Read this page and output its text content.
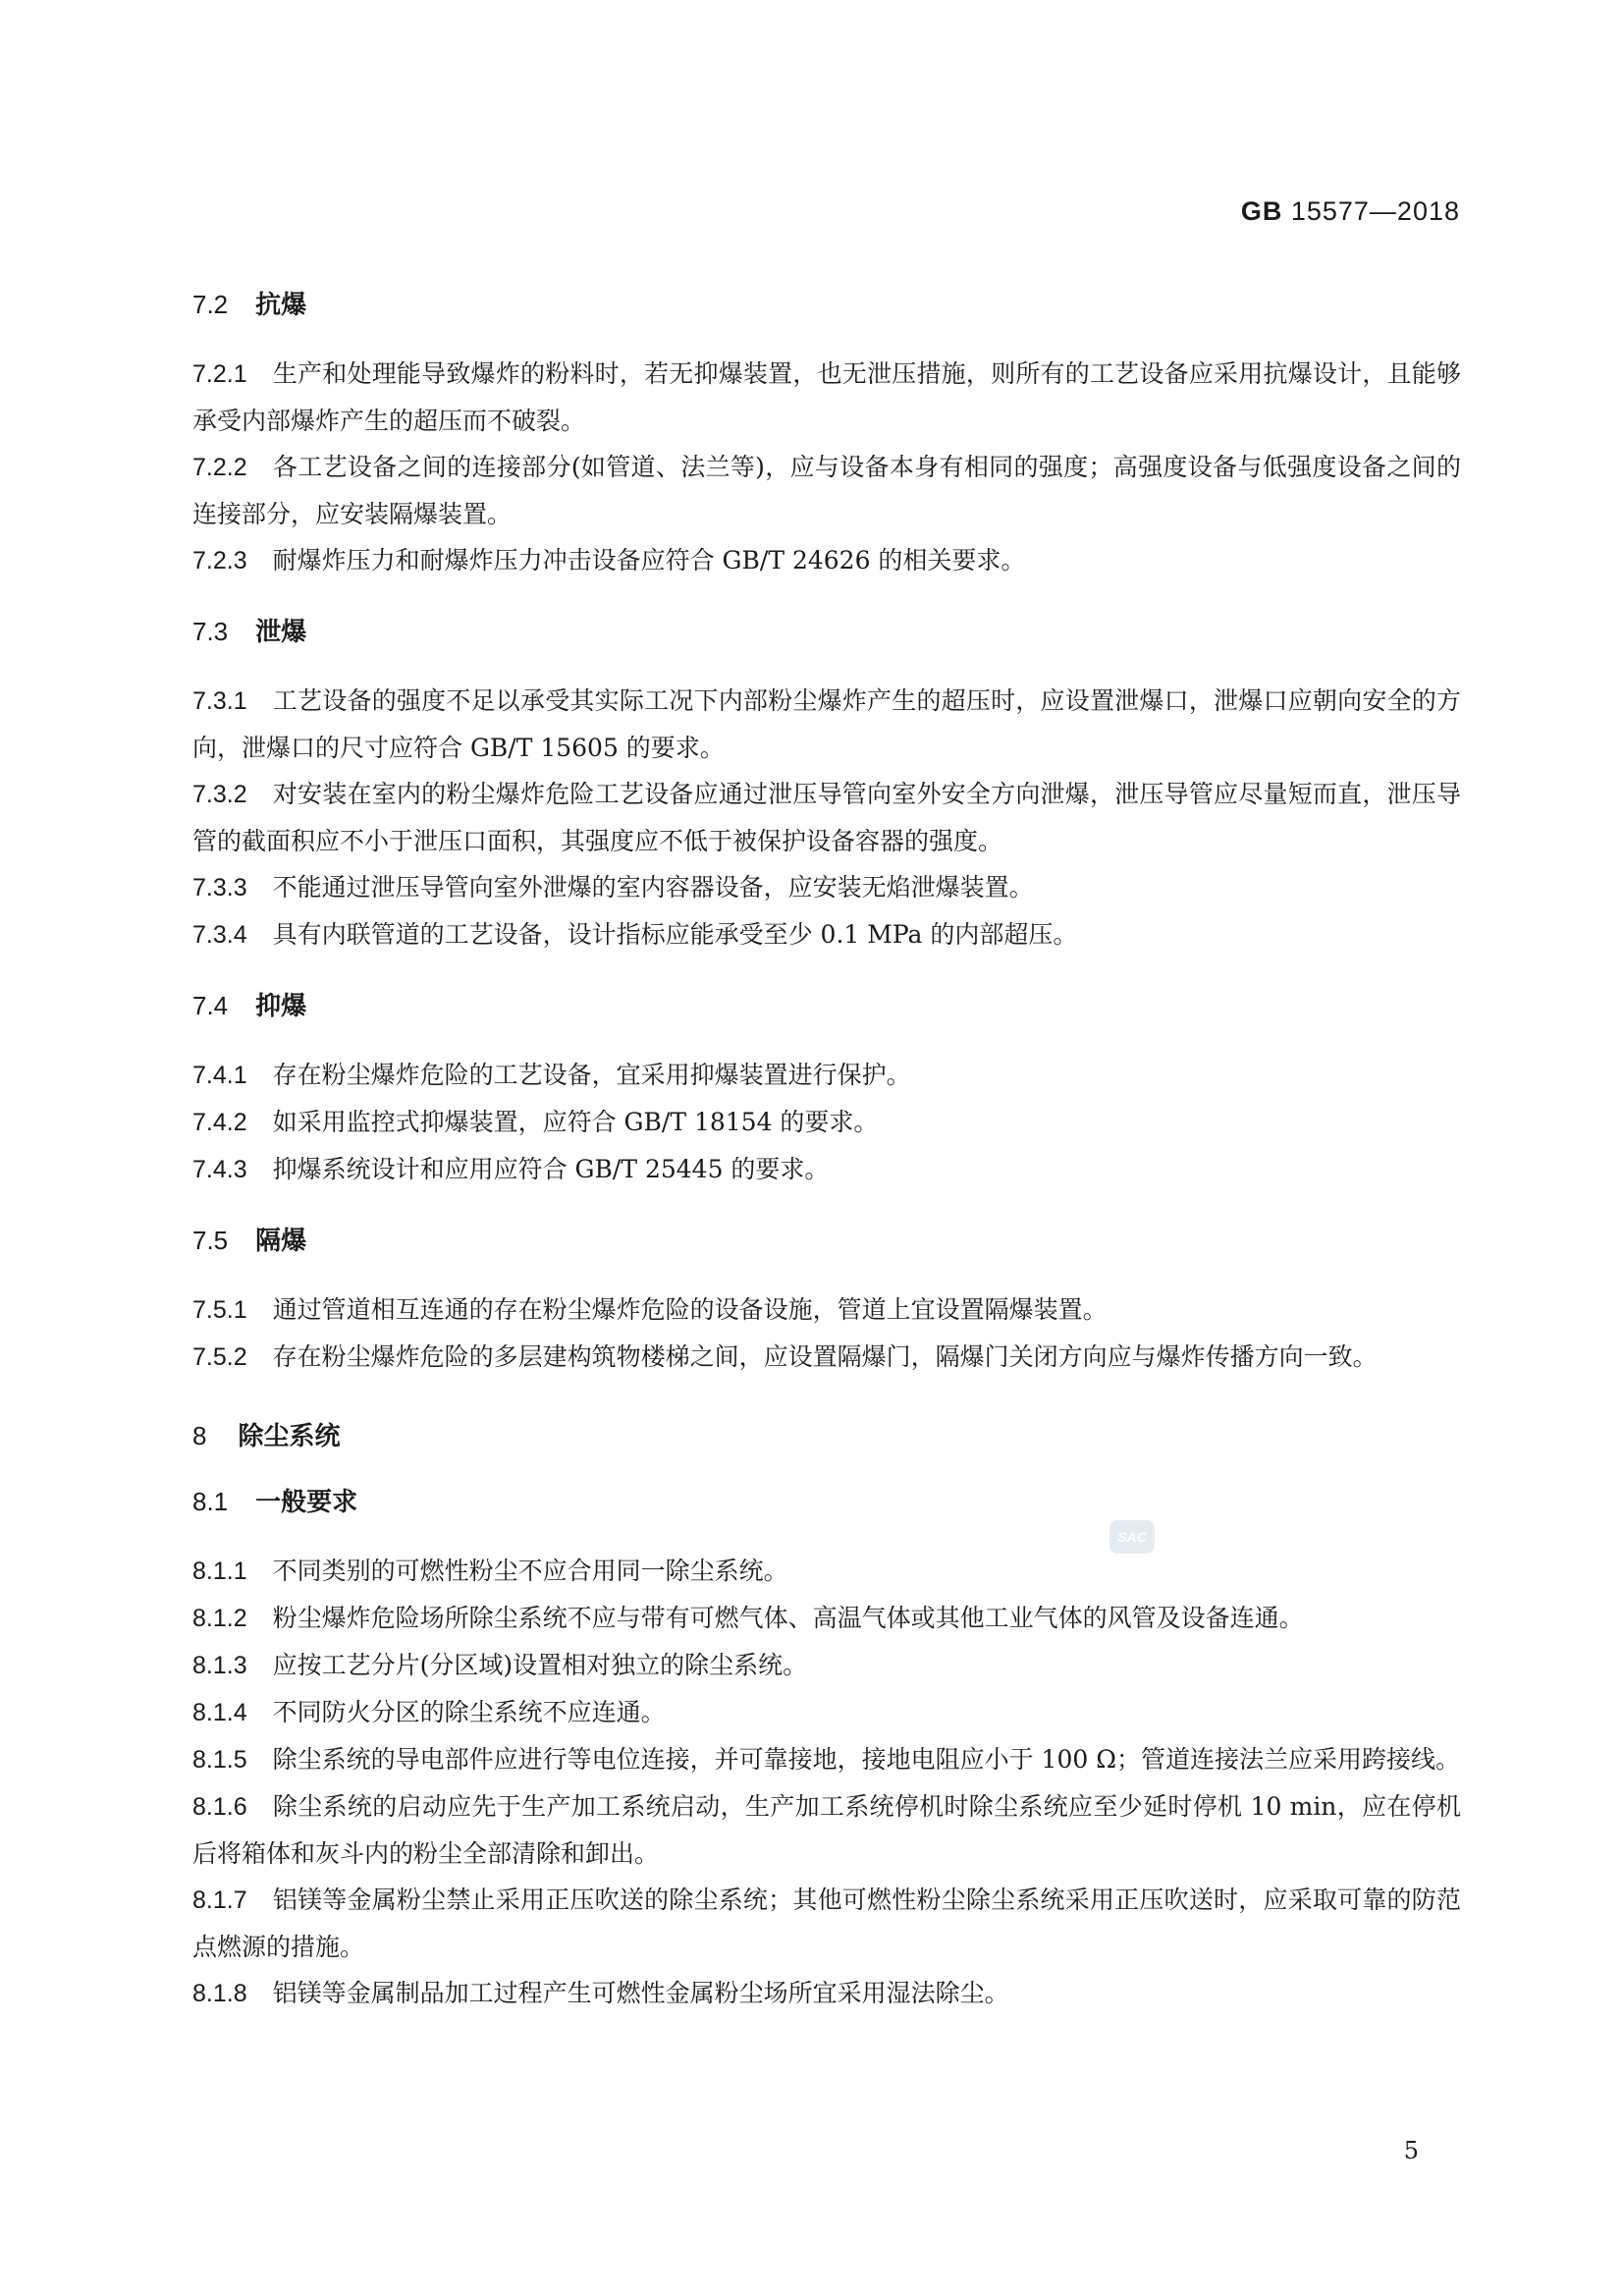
GB 15577—2018
7.2 抗爆
7.2.1 生产和处理能导致爆炸的粉料时，若无抑爆装置，也无泄压措施，则所有的工艺设备应采用抗爆设计，且能够承受内部爆炸产生的超压而不破裂。
7.2.2 各工艺设备之间的连接部分(如管道、法兰等)，应与设备本身有相同的强度；高强度设备与低强度设备之间的连接部分，应安装隔爆装置。
7.2.3 耐爆炸压力和耐爆炸压力冲击设备应符合 GB/T 24626 的相关要求。
7.3 泄爆
7.3.1 工艺设备的强度不足以承受其实际工况下内部粉尘爆炸产生的超压时，应设置泄爆口，泄爆口应朝向安全的方向，泄爆口的尺寸应符合 GB/T 15605 的要求。
7.3.2 对安装在室内的粉尘爆炸危险工艺设备应通过泄压导管向室外安全方向泄爆，泄压导管应尽量短而直，泄压导管的截面积应不小于泄压口面积，其强度应不低于被保护设备容器的强度。
7.3.3 不能通过泄压导管向室外泄爆的室内容器设备，应安装无焰泄爆装置。
7.3.4 具有内联管道的工艺设备，设计指标应能承受至少 0.1 MPa 的内部超压。
7.4 抑爆
7.4.1 存在粉尘爆炸危险的工艺设备，宜采用抑爆装置进行保护。
7.4.2 如采用监控式抑爆装置，应符合 GB/T 18154 的要求。
7.4.3 抑爆系统设计和应用应符合 GB/T 25445 的要求。
7.5 隔爆
7.5.1 通过管道相互连通的存在粉尘爆炸危险的设备设施，管道上宜设置隔爆装置。
7.5.2 存在粉尘爆炸危险的多层建构筑物楼梯之间，应设置隔爆门，隔爆门关闭方向应与爆炸传播方向一致。
8 除尘系统
8.1 一般要求
8.1.1 不同类别的可燃性粉尘不应合用同一除尘系统。
8.1.2 粉尘爆炸危险场所除尘系统不应与带有可燃气体、高温气体或其他工业气体的风管及设备连通。
8.1.3 应按工艺分片(分区域)设置相对独立的除尘系统。
8.1.4 不同防火分区的除尘系统不应连通。
8.1.5 除尘系统的导电部件应进行等电位连接，并可靠接地，接地电阻应小于 100 Ω；管道连接法兰应采用跨接线。
8.1.6 除尘系统的启动应先于生产加工系统启动，生产加工系统停机时除尘系统应至少延时停机 10 min，应在停机后将箱体和灰斗内的粉尘全部清除和卸出。
8.1.7 铝镁等金属粉尘禁止采用正压吹送的除尘系统；其他可燃性粉尘除尘系统采用正压吹送时，应采取可靠的防范点燃源的措施。
8.1.8 铝镁等金属制品加工过程产生可燃性金属粉尘场所宜采用湿法除尘。
SAC
5
